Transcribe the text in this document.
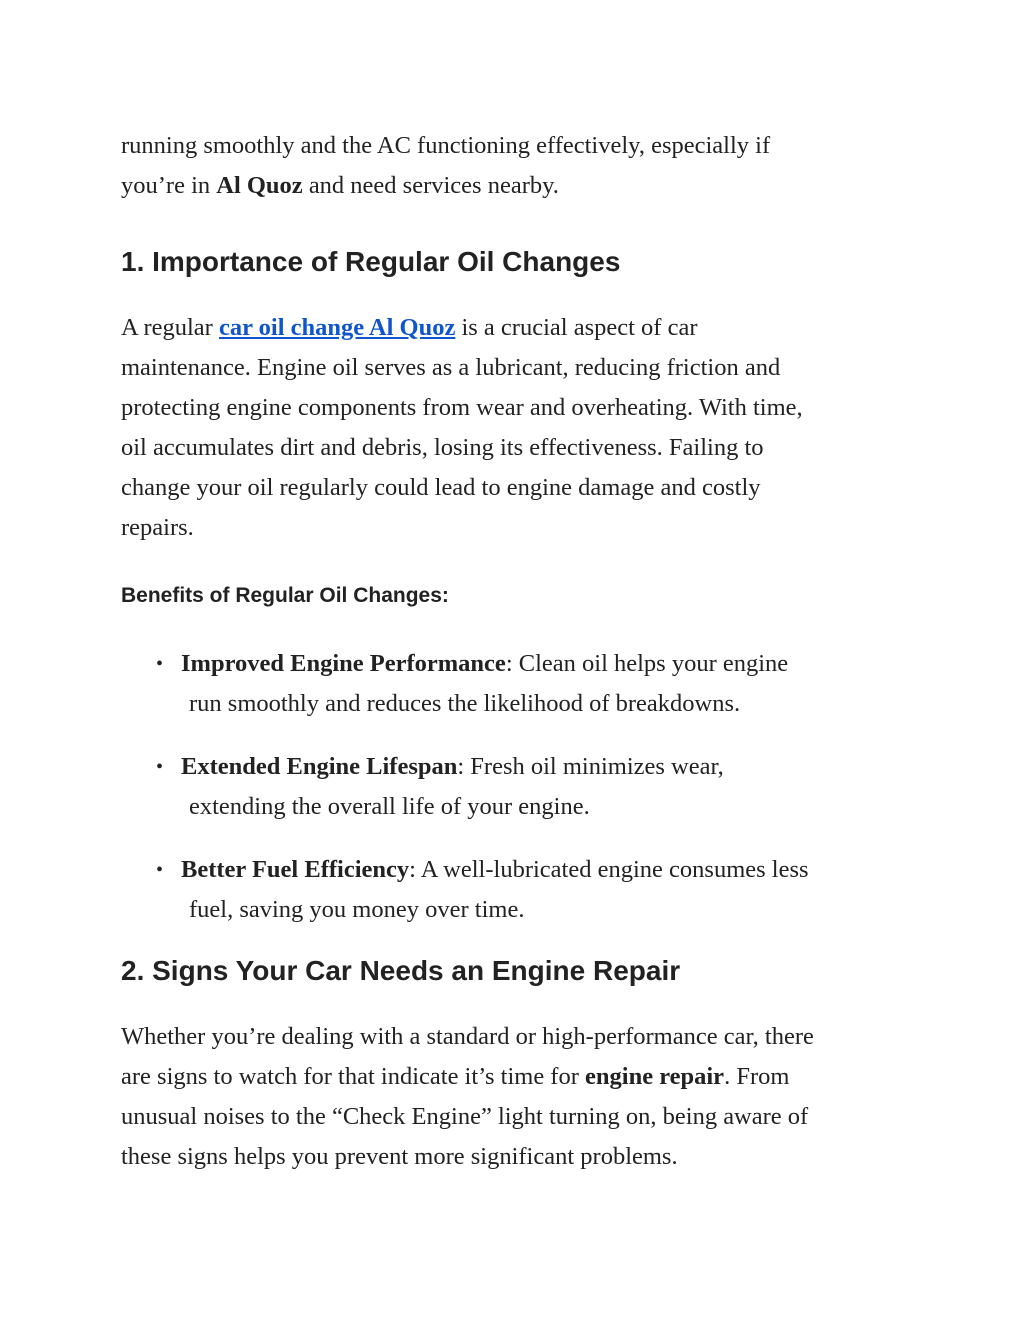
running smoothly and the AC functioning effectively, especially if
you’re in Al Quoz and need services nearby.

1. Importance of Regular Oil Changes

A regular car oil change Al Quoz is a crucial aspect of car
maintenance. Engine oil serves as a lubricant, reducing friction and
protecting engine components from wear and overheating. With time,
oil accumulates dirt and debris, losing its effectiveness. Failing to
change your oil regularly could lead to engine damage and costly
repairs.

Benefits of Regular Oil Changes:
• Improved Engine Performance: Clean oil helps your engine
run smoothly and reduces the likelihood of breakdowns.
• Extended Engine Lifespan: Fresh oil minimizes wear,
extending the overall life of your engine.
• Better Fuel Efficiency: A well-lubricated engine consumes less
fuel, saving you money over time.
2. Signs Your Car Needs an Engine Repair

Whether you’re dealing with a standard or high-performance car, there
are signs to watch for that indicate it’s time for engine repair. From
unusual noises to the “Check Engine” light turning on, being aware of
these signs helps you prevent more significant problems.
